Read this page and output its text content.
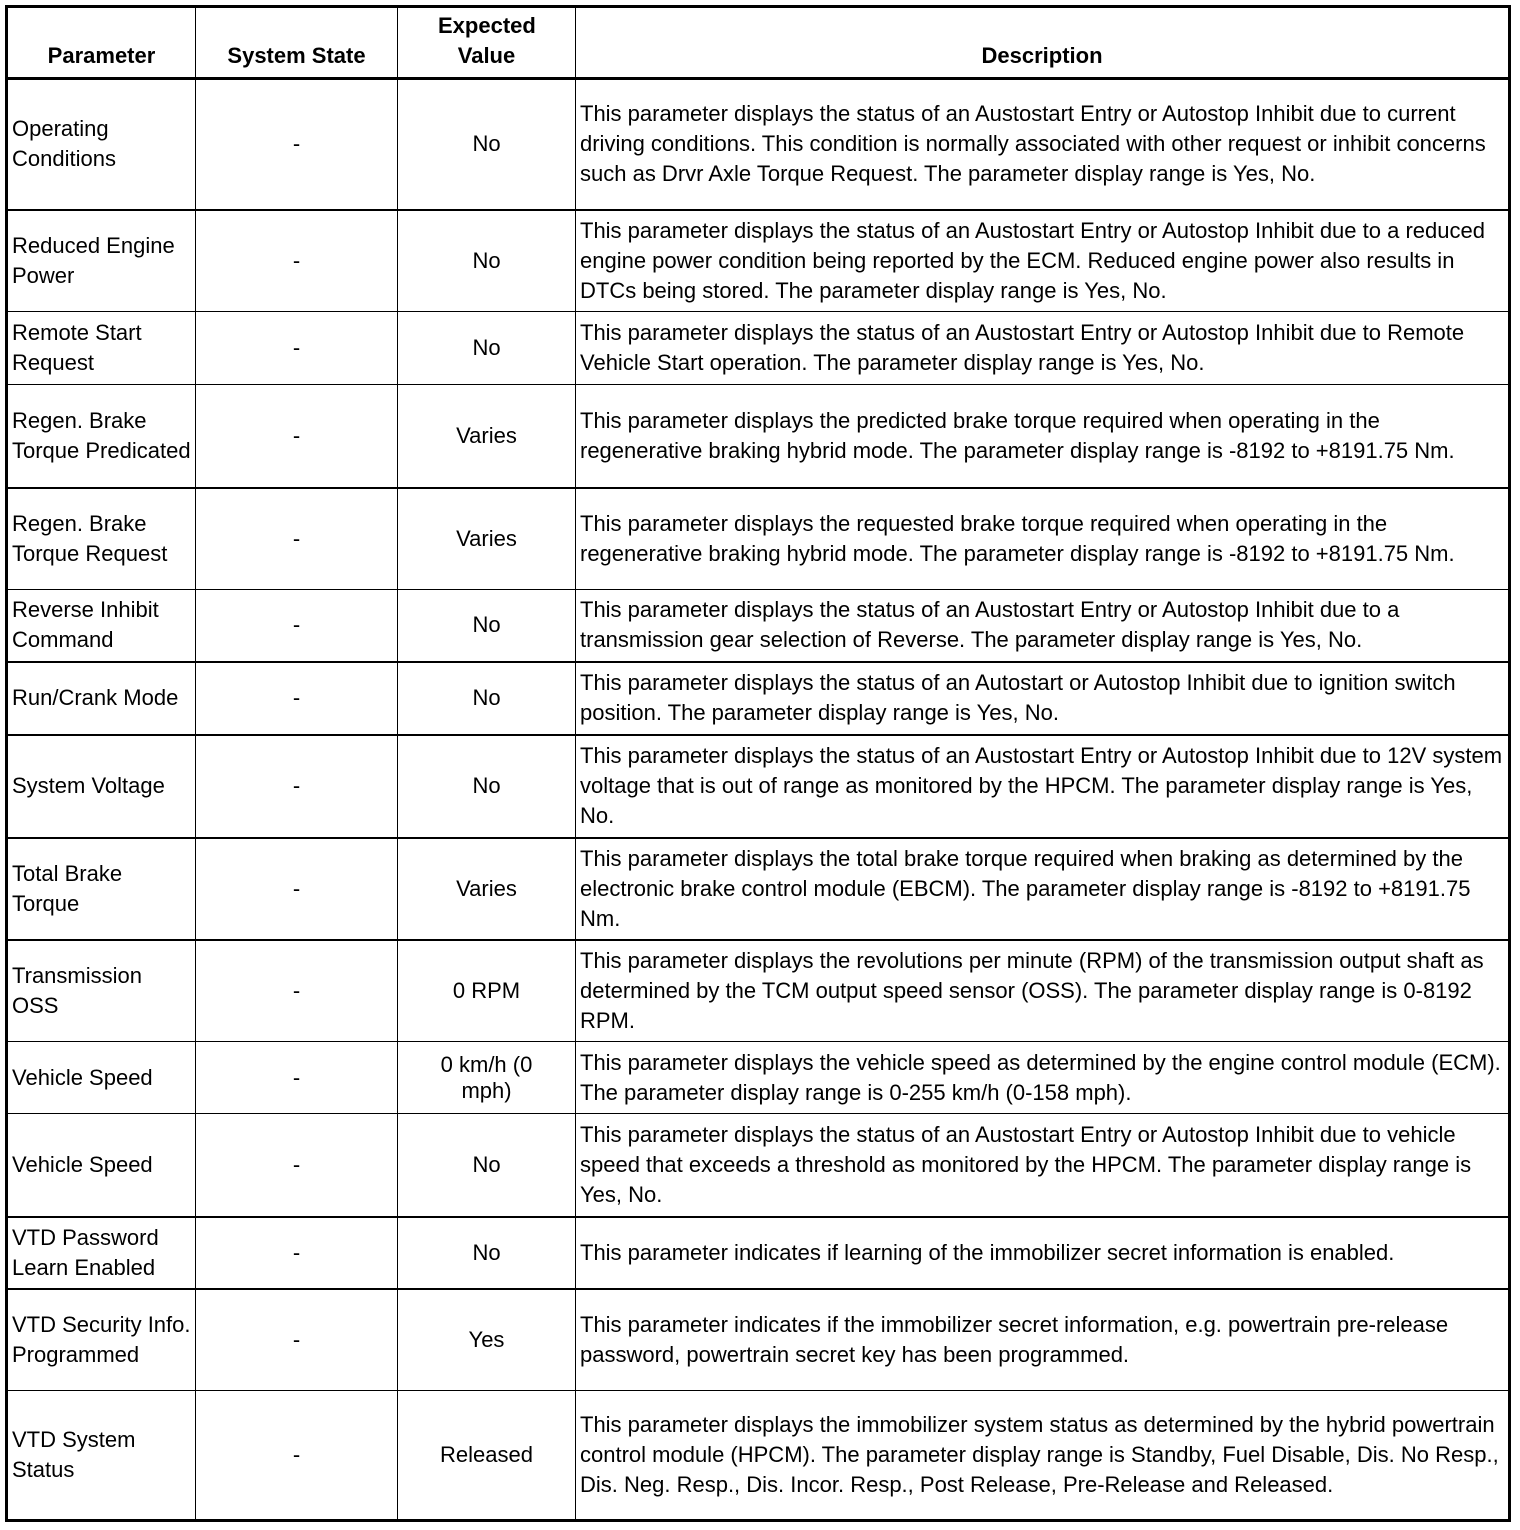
Parameter	System State	Expected Value	Description
Operating Conditions	-	No	This parameter displays the status of an Austostart Entry or Autostop Inhibit due to current driving conditions. This condition is normally associated with other request or inhibit concerns such as Drvr Axle Torque Request. The parameter display range is Yes, No.
Reduced Engine Power	-	No	This parameter displays the status of an Austostart Entry or Autostop Inhibit due to a reduced engine power condition being reported by the ECM. Reduced engine power also results in DTCs being stored. The parameter display range is Yes, No.
Remote Start Request	-	No	This parameter displays the status of an Austostart Entry or Autostop Inhibit due to Remote Vehicle Start operation. The parameter display range is Yes, No.
Regen. Brake Torque Predicated	-	Varies	This parameter displays the predicted brake torque required when operating in the regenerative braking hybrid mode. The parameter display range is -8192 to +8191.75 Nm.
Regen. Brake Torque Request	-	Varies	This parameter displays the requested brake torque required when operating in the regenerative braking hybrid mode. The parameter display range is -8192 to +8191.75 Nm.
Reverse Inhibit Command	-	No	This parameter displays the status of an Austostart Entry or Autostop Inhibit due to a transmission gear selection of Reverse. The parameter display range is Yes, No.
Run/Crank Mode	-	No	This parameter displays the status of an Autostart or Autostop Inhibit due to ignition switch position. The parameter display range is Yes, No.
System Voltage	-	No	This parameter displays the status of an Austostart Entry or Autostop Inhibit due to 12V system voltage that is out of range as monitored by the HPCM. The parameter display range is Yes, No.
Total Brake Torque	-	Varies	This parameter displays the total brake torque required when braking as determined by the electronic brake control module (EBCM). The parameter display range is -8192 to +8191.75 Nm.
Transmission OSS	-	0 RPM	This parameter displays the revolutions per minute (RPM) of the transmission output shaft as determined by the TCM output speed sensor (OSS). The parameter display range is 0-8192 RPM.
Vehicle Speed	-	0 km/h (0 mph)	This parameter displays the vehicle speed as determined by the engine control module (ECM). The parameter display range is 0-255 km/h (0-158 mph).
Vehicle Speed	-	No	This parameter displays the status of an Austostart Entry or Autostop Inhibit due to vehicle speed that exceeds a threshold as monitored by the HPCM. The parameter display range is Yes, No.
VTD Password Learn Enabled	-	No	This parameter indicates if learning of the immobilizer secret information is enabled.
VTD Security Info. Programmed	-	Yes	This parameter indicates if the immobilizer secret information, e.g. powertrain pre-release password, powertrain secret key has been programmed.
VTD System Status	-	Released	This parameter displays the immobilizer system status as determined by the hybrid powertrain control module (HPCM). The parameter display range is Standby, Fuel Disable, Dis. No Resp., Dis. Neg. Resp., Dis. Incor. Resp., Post Release, Pre-Release and Released.
